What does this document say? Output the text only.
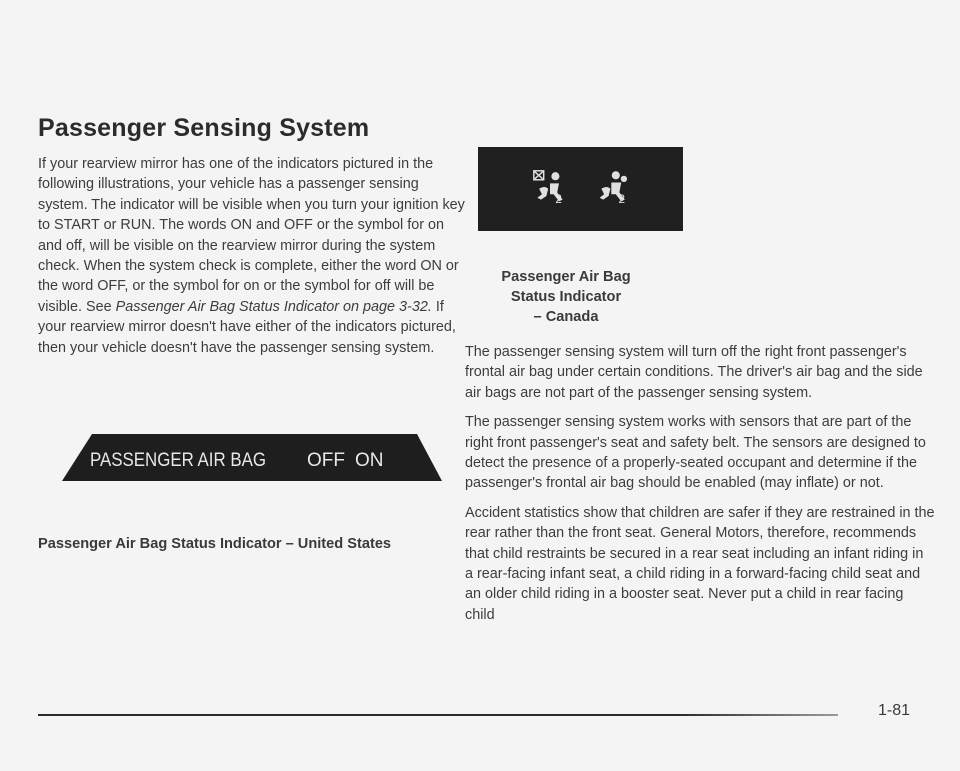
Passenger Sensing System

If your rearview mirror has one of the indicators pictured in the following illustrations, your vehicle has a passenger sensing system. The indicator will be visible when you turn your ignition key to START or RUN. The words ON and OFF or the symbol for on and off, will be visible on the rearview mirror during the system check. When the system check is complete, either the word ON or the word OFF, or the symbol for on or the symbol for off will be visible. See Passenger Air Bag Status Indicator on page 3-32. If your rearview mirror doesn't have either of the indicators pictured, then your vehicle doesn't have the passenger sensing system.

PASSENGER AIR BAG OFF ON

Passenger Air Bag Status Indicator – United States

2	2

Passenger Air Bag
Status Indicator
– Canada

The passenger sensing system will turn off the right front passenger's frontal air bag under certain conditions. The driver's air bag and the side air bags are not part of the passenger sensing system.

The passenger sensing system works with sensors that are part of the right front passenger's seat and safety belt. The sensors are designed to detect the presence of a properly-seated occupant and determine if the passenger's frontal air bag should be enabled (may inflate) or not.

Accident statistics show that children are safer if they are restrained in the rear rather than the front seat. General Motors, therefore, recommends that child restraints be secured in a rear seat including an infant riding in a rear-facing infant seat, a child riding in a forward-facing child seat and an older child riding in a booster seat. Never put a child in rear facing child

1-81
